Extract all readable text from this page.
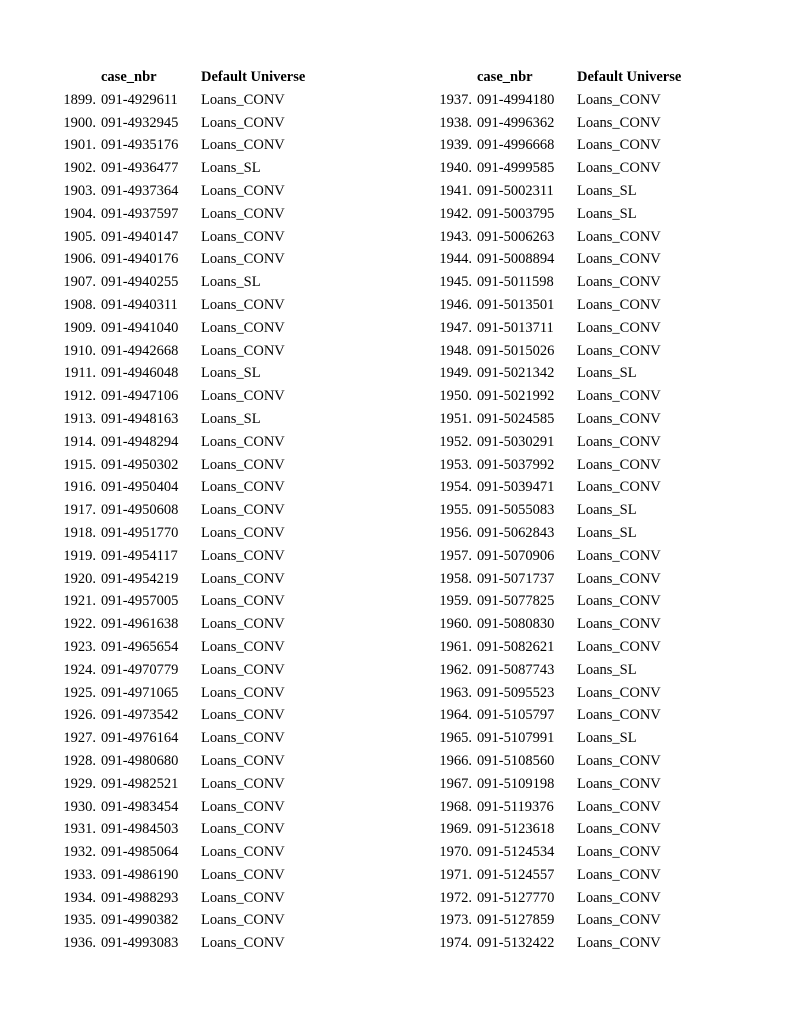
case_nbr	Default Universe
1899. 091-4929611 Loans_CONV
1900. 091-4932945 Loans_CONV
1901. 091-4935176 Loans_CONV
1902. 091-4936477 Loans_SL
1903. 091-4937364 Loans_CONV
1904. 091-4937597 Loans_CONV
1905. 091-4940147 Loans_CONV
1906. 091-4940176 Loans_CONV
1907. 091-4940255 Loans_SL
1908. 091-4940311 Loans_CONV
1909. 091-4941040 Loans_CONV
1910. 091-4942668 Loans_CONV
1911. 091-4946048 Loans_SL
1912. 091-4947106 Loans_CONV
1913. 091-4948163 Loans_SL
1914. 091-4948294 Loans_CONV
1915. 091-4950302 Loans_CONV
1916. 091-4950404 Loans_CONV
1917. 091-4950608 Loans_CONV
1918. 091-4951770 Loans_CONV
1919. 091-4954117 Loans_CONV
1920. 091-4954219 Loans_CONV
1921. 091-4957005 Loans_CONV
1922. 091-4961638 Loans_CONV
1923. 091-4965654 Loans_CONV
1924. 091-4970779 Loans_CONV
1925. 091-4971065 Loans_CONV
1926. 091-4973542 Loans_CONV
1927. 091-4976164 Loans_CONV
1928. 091-4980680 Loans_CONV
1929. 091-4982521 Loans_CONV
1930. 091-4983454 Loans_CONV
1931. 091-4984503 Loans_CONV
1932. 091-4985064 Loans_CONV
1933. 091-4986190 Loans_CONV
1934. 091-4988293 Loans_CONV
1935. 091-4990382 Loans_CONV
1936. 091-4993083 Loans_CONV
case_nbr	Default Universe
1937. 091-4994180 Loans_CONV
1938. 091-4996362 Loans_CONV
1939. 091-4996668 Loans_CONV
1940. 091-4999585 Loans_CONV
1941. 091-5002311 Loans_SL
1942. 091-5003795 Loans_SL
1943. 091-5006263 Loans_CONV
1944. 091-5008894 Loans_CONV
1945. 091-5011598 Loans_CONV
1946. 091-5013501 Loans_CONV
1947. 091-5013711 Loans_CONV
1948. 091-5015026 Loans_CONV
1949. 091-5021342 Loans_SL
1950. 091-5021992 Loans_CONV
1951. 091-5024585 Loans_CONV
1952. 091-5030291 Loans_CONV
1953. 091-5037992 Loans_CONV
1954. 091-5039471 Loans_CONV
1955. 091-5055083 Loans_SL
1956. 091-5062843 Loans_SL
1957. 091-5070906 Loans_CONV
1958. 091-5071737 Loans_CONV
1959. 091-5077825 Loans_CONV
1960. 091-5080830 Loans_CONV
1961. 091-5082621 Loans_CONV
1962. 091-5087743 Loans_SL
1963. 091-5095523 Loans_CONV
1964. 091-5105797 Loans_CONV
1965. 091-5107991 Loans_SL
1966. 091-5108560 Loans_CONV
1967. 091-5109198 Loans_CONV
1968. 091-5119376 Loans_CONV
1969. 091-5123618 Loans_CONV
1970. 091-5124534 Loans_CONV
1971. 091-5124557 Loans_CONV
1972. 091-5127770 Loans_CONV
1973. 091-5127859 Loans_CONV
1974. 091-5132422 Loans_CONV
